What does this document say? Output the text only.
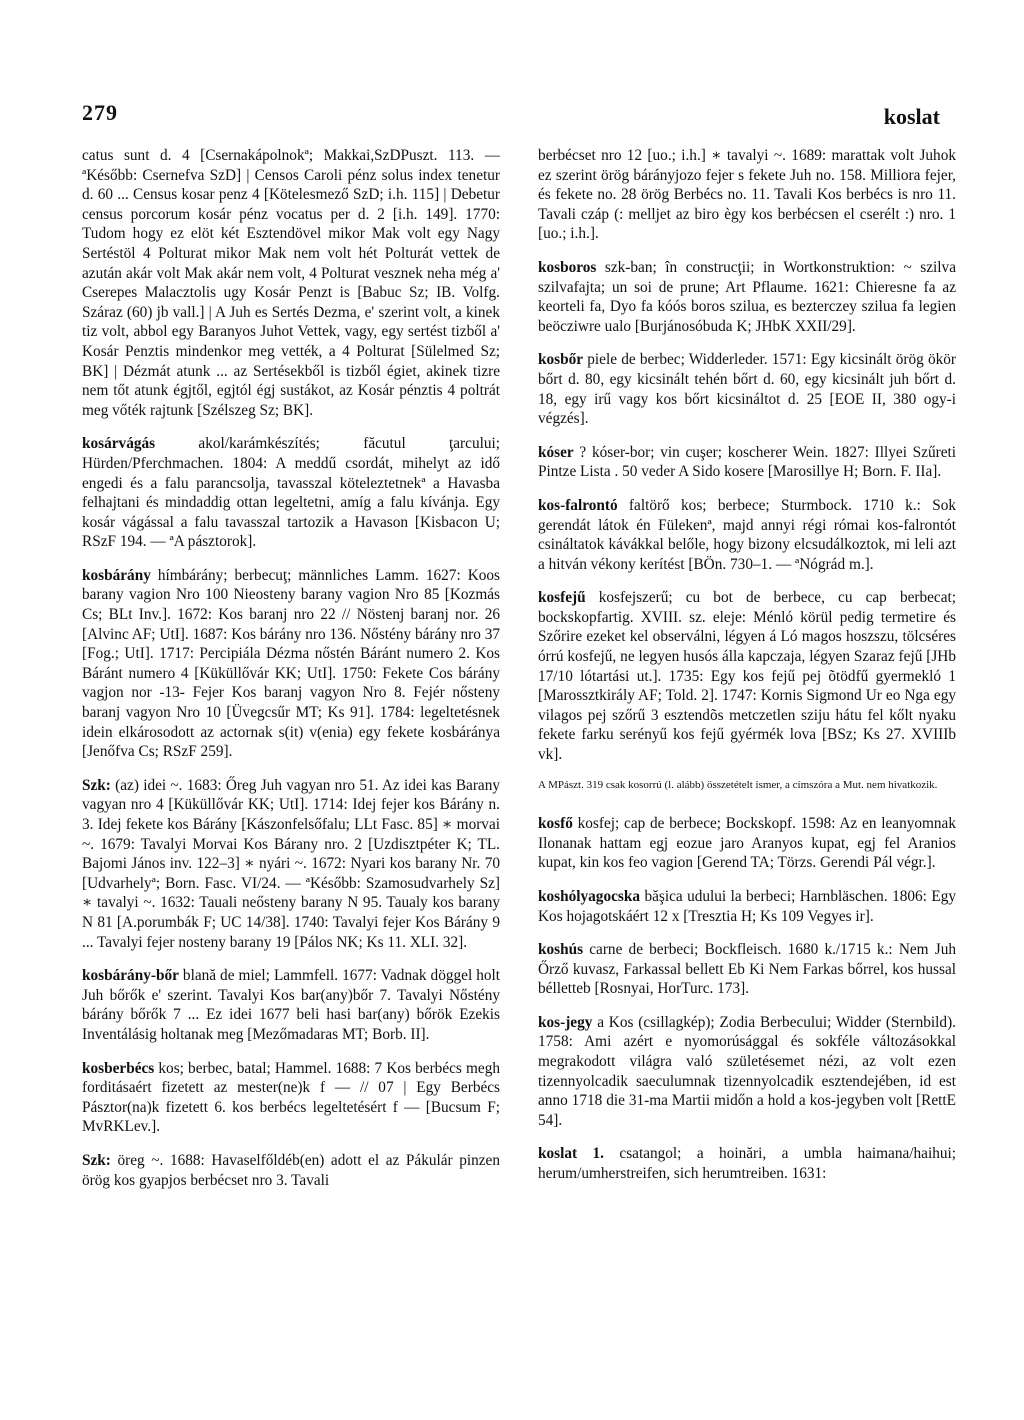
279	koslat

catus sunt d. 4 [Csernakápolnokª; Makkai,SzDPuszt. 113. — ªKésőbb: Csernefva SzD] | Censos Caroli pénz solus index tenetur d. 60 ... Census kosar penz 4 [Kötelesmező SzD; i.h. 115] | Debetur census porcorum kosár pénz vocatus per d. 2 [i.h. 149]. 1770: Tudom hogy ez elöt két Esztendövel mikor Mak volt egy Nagy Sertéstöl 4 Polturat mikor Mak nem volt hét Polturát vettek de azután akár volt Mak akár nem volt, 4 Polturat vesznek neha még a' Cserepes Malacztolis ugy Kosár Penzt is [Babuc Sz; IB. Volfg. Száraz (60) jb vall.] | A Juh es Sertés Dezma, e' szerint volt, a kinek tiz volt, abbol egy Baranyos Juhot Vettek, vagy, egy sertést tizből a' Kosár Penztis mindenkor meg vették, a 4 Polturat [Sülelmed Sz; BK] | Dézmát atunk ... az Sertésekből is tizből égiet, akinek tizre nem tőt atunk égjtől, egjtól égj sustákot, az Kosár pénztis 4 poltrát meg vőték rajtunk [Szélszeg Sz; BK].

kosárvágás akol/karámkészítés; făcutul ţarcului; Hürden/Pferchmachen. 1804: A meddű csordát, mihelyt az idő engedi és a falu parancsolja, tavasszal köteleztetnekª a Havasba felhajtani és mindaddig ottan legeltetni, amíg a falu kívánja. Egy kosár vágással a falu tavasszal tartozik a Havason [Kisbacon U; RSzF 194. — ªA pásztorok].

kosbárány hímbárány; berbecuţ; männliches Lamm. 1627: Koos barany vagion Nro 100 Nieosteny barany vagion Nro 85 [Kozmás Cs; BLt Inv.]. 1672: Kos baranj nro 22 // Nöstenj baranj nor. 26 [Alvinc AF; UtI]. 1687: Kos bárány nro 136. Nőstény bárány nro 37 [Fog.; UtI]. 1717: Percipiála Dézma nőstén Báránt numero 2. Kos Báránt numero 4 [Küküllővár KK; UtI]. 1750: Fekete Cos bárány vagjon nor -13- Fejer Kos baranj vagyon Nro 8. Fejér nősteny baranj vagyon Nro 10 [Üvegcsűr MT; Ks 91]. 1784: legeltetésnek idein elkárosodott az actornak s(it) v(enia) egy fekete kosbáránya [Jenőfva Cs; RSzF 259].

Szk: (az) idei ~. 1683: Őreg Juh vagyan nro 51. Az idei kas Barany vagyan nro 4 [Küküllővár KK; UtI]. 1714: Idej fejer kos Bárány n. 3. Idej fekete kos Bárány [Kászonfelsőfalu; LLt Fasc. 85] ∗ morvai ~. 1679: Tavalyi Morvai Kos Bárany nro. 2 [Uzdisztpéter K; TL. Bajomi János inv. 122–3] ∗ nyári ~. 1672: Nyari kos barany Nr. 70 [Udvarhelyª; Born. Fasc. VI/24. — ªKésőbb: Szamosudvarhely Sz] ∗ tavalyi ~. 1632: Tauali neősteny barany N 95. Taualy kos barany N 81 [A.porumbák F; UC 14/38]. 1740: Tavalyi fejer Kos Bárány 9 ... Tavalyi fejer nosteny barany 19 [Pálos NK; Ks 11. XLI. 32].

kosbárány-bőr blană de miel; Lammfell. 1677: Vadnak döggel holt Juh bőrők e' szerint. Tavalyi Kos bar(any)bőr 7. Tavalyi Nőstény bárány bőrők 7 ... Ez idei 1677 beli hasi bar(any) bőrök Ezekis Inventálásig holtanak meg [Mezőmadaras MT; Borb. II].

kosberbécs kos; berbec, batal; Hammel. 1688: 7 Kos berbécs megh forditásaért fizetett az mester(ne)k f — // 07 | Egy Berbécs Pásztor(na)k fizetett 6. kos berbécs legeltetésért f — [Bucsum F; MvRKLev.].

Szk: öreg ~. 1688: Havaselfőldéb(en) adott el az Pákulár pinzen örög kos gyapjos berbécset nro 3. Tavali

berbécset nro 12 [uo.; i.h.] ∗ tavalyi ~. 1689: marattak volt Juhok ez szerint örög bárányjozo fejer s fekete Juh no. 158. Milliora fejer, és fekete no. 28 örög Berbécs no. 11. Tavali Kos berbécs is nro 11. Tavali czáp (: melljet az biro ègy kos berbécsen el cserélt :) nro. 1 [uo.; i.h.].

kosboros szk-ban; în construcţii; in Wortkonstruktion: ~ szilva szilvafajta; un soi de prune; Art Pflaume. 1621: Chieresne fa az keorteli fa, Dyo fa kóós boros szilua, es bezterczey szilua fa legien beöcziwre ualo [Burjánosóbuda K; JHbK XXII/29].

kosbőr piele de berbec; Widderleder. 1571: Egy kicsinált örög ökör bőrt d. 80, egy kicsinált tehén bőrt d. 60, egy kicsinált juh bőrt d. 18, egy irű vagy kos bőrt kicsináltot d. 25 [EOE II, 380 ogy-i végzés].

kóser ? kóser-bor; vin cuşer; koscherer Wein. 1827: Illyei Szűreti Pintze Lista . 50 veder A Sido kosere [Marosillye H; Born. F. IIa].

kos-falrontó faltörő kos; berbece; Sturmbock. 1710 k.: Sok gerendát látok én Fülekenª, majd annyi régi római kos-falrontót csináltatok kávákkal belőle, hogy bizony elcsudálkoztok, mi leli azt a hitván vékony kerítést [BÖn. 730–1. — ªNógrád m.].

kosfejű kosfejszerű; cu bot de berbece, cu cap berbecat; bockskopfartig. XVIII. sz. eleje: Ménló körül pedig termetire és Szőrire ezeket kel observálni, légyen á Ló magos hoszszu, tölcséres órrú kosfejű, ne legyen husós álla kapczaja, légyen Szaraz fejű [JHb 17/10 lótartási ut.]. 1735: Egy kos fejű pej õtödfű gyermekló 1 [Marossztkirály AF; Told. 2]. 1747: Kornis Sigmond Ur eo Nga egy vilagos pej szőrű 3 esztendõs metczetlen sziju hátu fel kőlt nyaku fekete farku serényű kos fejű gyérmék lova [BSz; Ks 27. XVIIIb vk].

A MPászt. 319 csak kosorrú (l. alább) összetételt ismer, a címszóra a Mut. nem hivatkozik.

kosfő kosfej; cap de berbece; Bockskopf. 1598: Az en leanyomnak Ilonanak hattam egj eozue jaro Aranyos kupat, egj fel Aranios kupat, kin kos feo vagion [Gerend TA; Törzs. Gerendi Pál végr.].

koshólyagocska băşica udului la berbeci; Harnbläschen. 1806: Egy Kos hojagotskáért 12 x [Tresztia H; Ks 109 Vegyes ir].

koshús carne de berbeci; Bockfleisch. 1680 k./1715 k.: Nem Juh Őrző kuvasz, Farkassal bellett Eb Ki Nem Farkas bőrrel, kos hussal bélletteb [Rosnyai, HorTurc. 173].

kos-jegy a Kos (csillagkép); Zodia Berbecului; Widder (Sternbild). 1758: Ami azért e nyomorúsággal és sokféle változásokkal megrakodott világra való születésemet nézi, az volt ezen tizennyolcadik saeculumnak tizennyolcadik esztendejében, id est anno 1718 die 31-ma Martii midőn a hold a kos-jegyben volt [RettE 54].

koslat 1. csatangol; a hoinări, a umbla haimana/haihui; herum/umherstreifen, sich herumtreiben. 1631:
